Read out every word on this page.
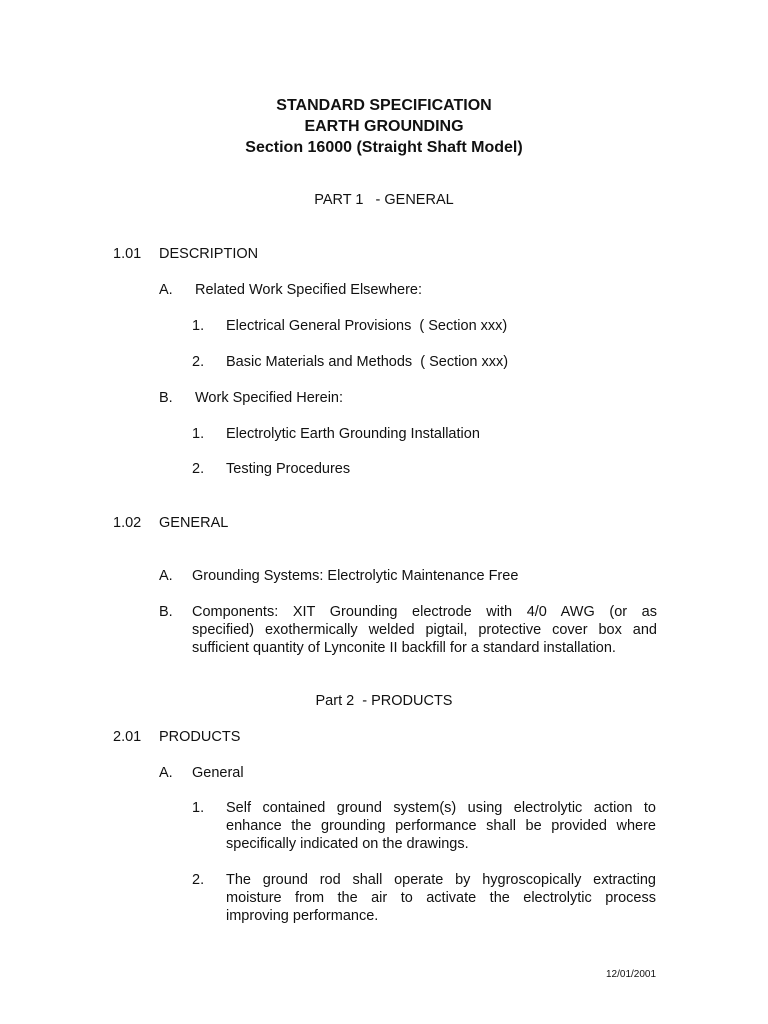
STANDARD SPECIFICATION
EARTH GROUNDING
Section 16000 (Straight Shaft Model)
PART 1   - GENERAL
1.01 DESCRIPTION
A. Related Work Specified Elsewhere:
1. Electrical General Provisions  ( Section xxx)
2. Basic Materials and Methods  ( Section xxx)
B. Work Specified Herein:
1. Electrolytic Earth Grounding Installation
2. Testing Procedures
1.02 GENERAL
A. Grounding Systems: Electrolytic Maintenance Free
B. Components: XIT Grounding electrode with 4/0 AWG (or as
specified) exothermically welded pigtail, protective cover box and
sufficient quantity of Lynconite II backfill for a standard installation.
Part 2  - PRODUCTS
2.01 PRODUCTS
A. General
1. Self contained ground system(s) using electrolytic action to
enhance the grounding performance shall be provided where
specifically indicated on the drawings.
2. The ground rod shall operate by hygroscopically extracting
moisture from the air to activate the electrolytic process
improving performance.
12/01/2001
